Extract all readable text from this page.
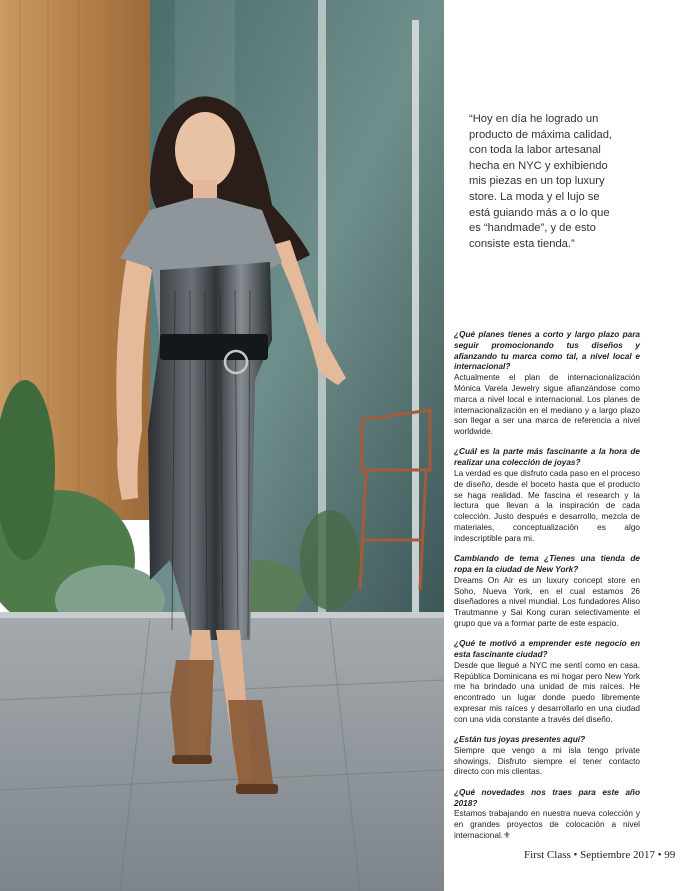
“Hoy en día he logrado un producto de máxima calidad, con toda la labor artesanal hecha en NYC y exhibiendo mis piezas en un top luxury store. La moda y el lujo se está guiando más a o lo que es “handmade”, y de esto consiste esta tienda.”

¿Qué planes tienes a corto y largo plazo para seguir promocionando tus diseños y afianzando tu marca como tal, a nivel local e internacional?

Actualmente el plan de internacionalización Mónica Varela Jewelry sigue afianzándose como marca a nivel local e internacional. Los planes de internacionalización en el mediano y a largo plazo son llegar a ser una marca de referencia a nivel worldwide.

¿Cuál es la parte más fascinante a la hora de realizar una colección de joyas?

La verdad es que disfruto cada paso en el proceso de diseño, desde el boceto hasta que el producto se haga realidad. Me fascina el research y la lectura que llevan a la inspiración de cada colección. Justo después e desarrollo, mezcla de materiales, conceptualización es algo indescriptible para mi.

Cambiando de tema ¿Tienes una tienda de ropa en la ciudad de New York?

Dreams On Air es un luxury concept store en Soho, Nueva York, en el cual estamos 26 diseñadores a nivel mundial. Los fundadores Aliso Trautmanne y Sai Kong curan selectivamente el grupo que va a formar parte de este espacio.

¿Qué te motivó a emprender este negocio en esta fascinante ciudad?

Desde que llegué a NYC me sentí como en casa. República Dominicana es mi hogar pero New York me ha brindado una unidad de mis raíces. He encontrado un lugar donde puedo libremente expresar mis raíces y desarrollarlo en una ciudad con una vida constante a través del diseño.

¿Están tus joyas presentes aquí?

Siempre que vengo a mi isla tengo private showings. Disfruto siempre el tener contacto directo con mis clientas.

¿Qué novedades nos traes para este año 2018?

Estamos trabajando en nuestra nueva colección y en grandes proyectos de colocación a nivel internacional.⚜

First Class • Septiembre 2017 • 99
